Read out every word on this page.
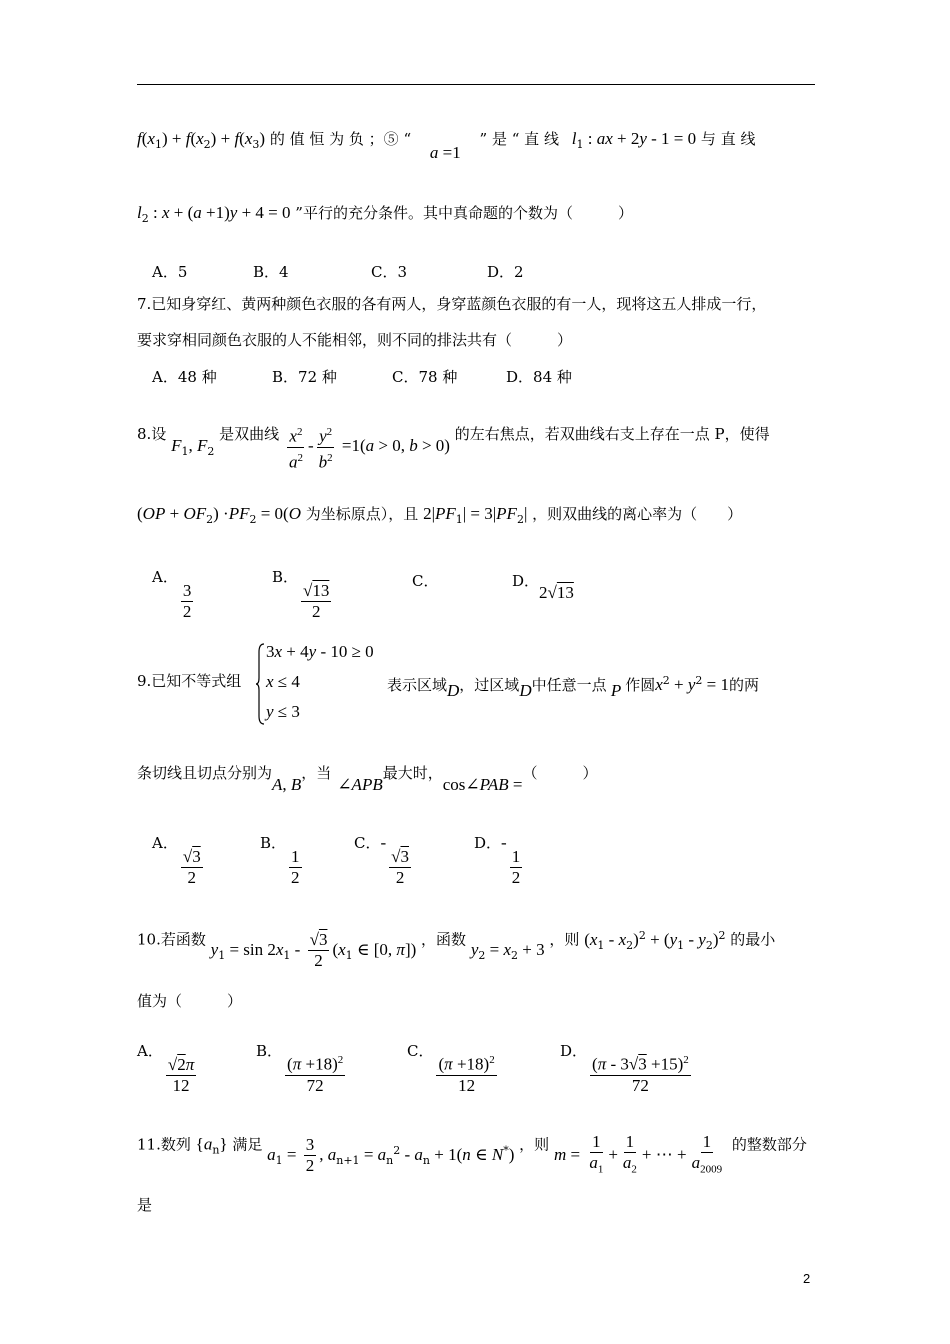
$f(x_1) + f(x_2) + f(x_3)$ 的 值 恒 为 负 ；⑤ “ a =1 ” 是 “ 直 线 $l_1$ : ax + 2y - 1 = 0 与 直 线
$l_2$ : x + (a +1)y + 4 = 0 ”平行的充分条件。其中真命题的个数为（　　　）
A．5	B．4	C．3	D．2
7.已知身穿红、黄两种颜色衣服的各有两人，身穿蓝颜色衣服的有一人，现将这五人排成一行，
要求穿相同颜色衣服的人不能相邻，则不同的排法共有（　　　）
A．48 种	B．72 种	C．78 种	D．84 种
8.设 $F_1$, $F_2$ 是双曲线 $\frac{x^2}{a^2} - \frac{y^2}{b^2} =1(a > 0$, b > 0) 的左右焦点，若双曲线右支上存在一点 P，使得
$(OP + OF_2) \cdot PF_2 = 0(O$ 为坐标原点），且 $2|PF_1| = 3|PF_2|$ ，则双曲线的离心率为（　　）
A．
$\frac{3}{2}$
B．
$\frac{√13}{2}$	C．	D．2√13
9.已知不等式组
3x + 4y - 10 ≥ 0
x ≤ 4
y ≤ 3
表示区域D，过区域D中任意一点 P 作圆$x^2 + y^2 = 1$的两
条切线且切点分别为A, B，当∠APB最大时，cos∠PAB =（　　　）
A．
$\frac{√3}{2}$
B．
$\frac{1}{2}$
C．-
$\frac{√3}{2}$
D．-
$\frac{1}{2}$
10.若函数 $y_1 = \sin 2x_1 - \frac{√3}{2} (x_1$ ∈ [0, π]) ，函数 $y_2 = x_2 + 3$ ，则 $(x_1 - x_2)^2 + (y_1 - y_2)^2$ 的最小
值为（　　　）
A．
$\frac{√2\pi}{12}$
B． $\frac{(\pi +18)^2}{72}$	C． $\frac{(\pi +18)^2}{12}$	D． $\frac{(\pi - 3√3 +15)^2}{72}$
11.数列 $\{a_n\}$ 满足 $a_1 = \frac{3}{2}$ , $a_{n+1} = a_n^2 - a_n + 1(n$ ∈ N*) ，则 $m = \frac{1}{a_1} + \frac{1}{a_2}$ + ⋯ + $\frac{1}{a_{2009}}$ 的整数部分
是
2
